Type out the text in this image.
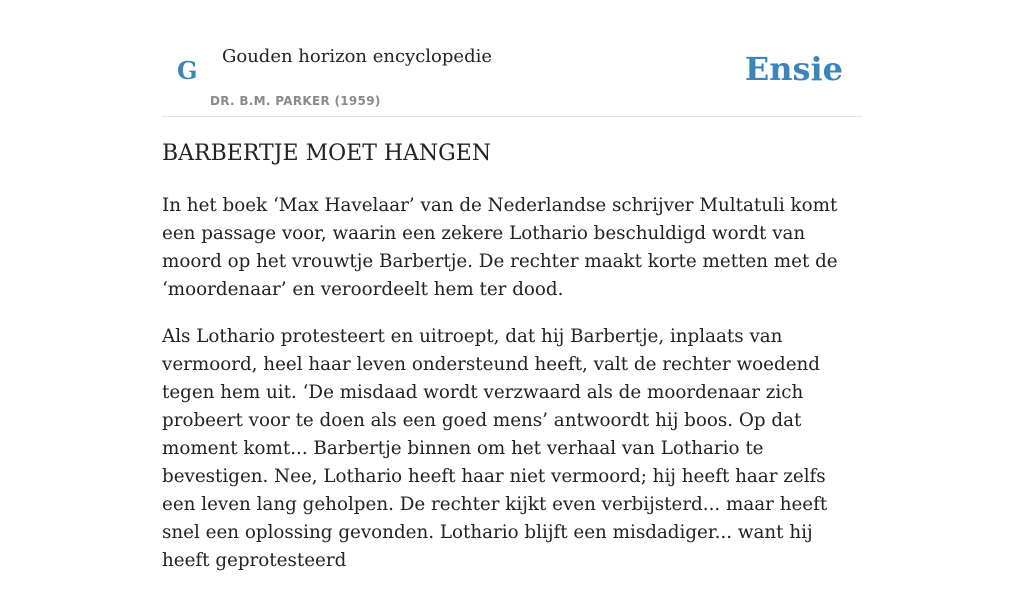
G Gouden horizon encyclopedie
DR. B.M. PARKER (1959)
Ensie
BARBERTJE MOET HANGEN

In het boek ‘Max Havelaar’ van de Nederlandse schrijver Multatuli komt een passage voor, waarin een zekere Lothario beschuldigd wordt van moord op het vrouwtje Barbertje. De rechter maakt korte metten met de ‘moordenaar’ en veroordeelt hem ter dood.

Als Lothario protesteert en uitroept, dat hij Barbertje, inplaats van vermoord, heel haar leven ondersteund heeft, valt de rechter woedend tegen hem uit. ‘De misdaad wordt verzwaard als de moordenaar zich probeert voor te doen als een goed mens’ antwoordt hij boos. Op dat moment komt... Barbertje binnen om het verhaal van Lothario te bevestigen. Nee, Lothario heeft haar niet vermoord; hij heeft haar zelfs een leven lang geholpen. De rechter kijkt even verbijsterd... maar heeft snel een oplossing gevonden. Lothario blijft een misdadiger... want hij heeft geprotesteerd
